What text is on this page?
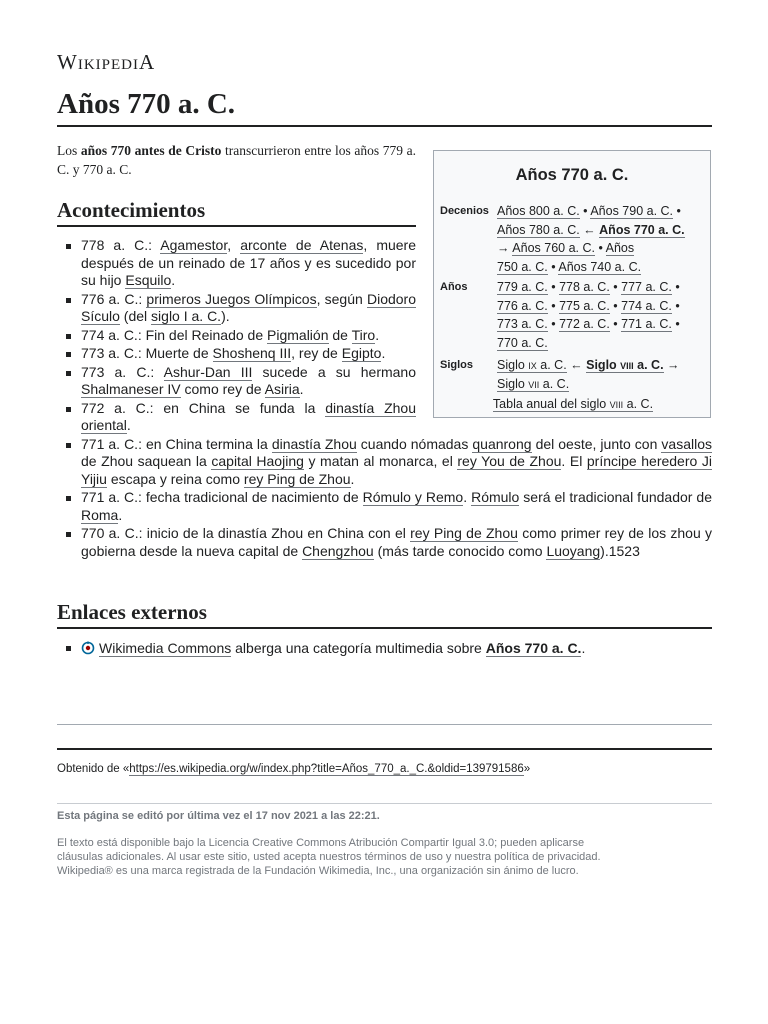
WIKIPEDIA
Años 770 a. C.

Los años 770 antes de Cristo transcurrieron entre los años 779 a. C. y 770 a. C.	Años 770 a. C.
Decenios Años 800 a. C. • Años 790 a. C. •
Años 780 a. C. ← Años 770 a. C.
→ Años 760 a. C. • Años
750 a. C. • Años 740 a. C.
Años 779 a. C. • 778 a. C. • 777 a. C. •
776 a. C. • 775 a. C. • 774 a. C. •
773 a. C. • 772 a. C. • 771 a. C. •
770 a. C.
Siglos Siglo ix a. C. ← Siglo viii a. C. →
Siglo vii a. C.
Tabla anual del siglo viii a. C.
Acontecimientos
778 a. C.: Agamestor, arconte de Atenas, muere después de un reinado de 17 años y es sucedido por su hijo Esquilo.
776 a. C.: primeros Juegos Olímpicos, según Diodoro Sículo (del siglo I a. C.).
774 a. C.: Fin del Reinado de Pigmalión de Tiro.
773 a. C.: Muerte de Shoshenq III, rey de Egipto.
773 a. C.: Ashur-Dan III sucede a su hermano Shalmaneser IV como rey de Asiria.
772 a. C.: en China se funda la dinastía Zhou oriental.
771 a. C.: en China termina la dinastía Zhou cuando nómadas quanrong del oeste, junto con vasallos de Zhou saquean la capital Haojing y matan al monarca, el rey You de Zhou. El príncipe heredero Ji Yijiu escapa y reina como rey Ping de Zhou.
771 a. C.: fecha tradicional de nacimiento de Rómulo y Remo. Rómulo será el tradicional fundador de Roma.
770 a. C.: inicio de la dinastía Zhou en China con el rey Ping de Zhou como primer rey de los zhou y gobierna desde la nueva capital de Chengzhou (más tarde conocido como Luoyang).1523
Enlaces externos
Wikimedia Commons alberga una categoría multimedia sobre Años 770 a. C..
Obtenido de «https://es.wikipedia.org/w/index.php?title=Años_770_a._C.&oldid=139791586»
Esta página se editó por última vez el 17 nov 2021 a las 22:21.
El texto está disponible bajo la Licencia Creative Commons Atribución Compartir Igual 3.0; pueden aplicarse
cláusulas adicionales. Al usar este sitio, usted acepta nuestros términos de uso y nuestra política de privacidad.
Wikipedia® es una marca registrada de la Fundación Wikimedia, Inc., una organización sin ánimo de lucro.
